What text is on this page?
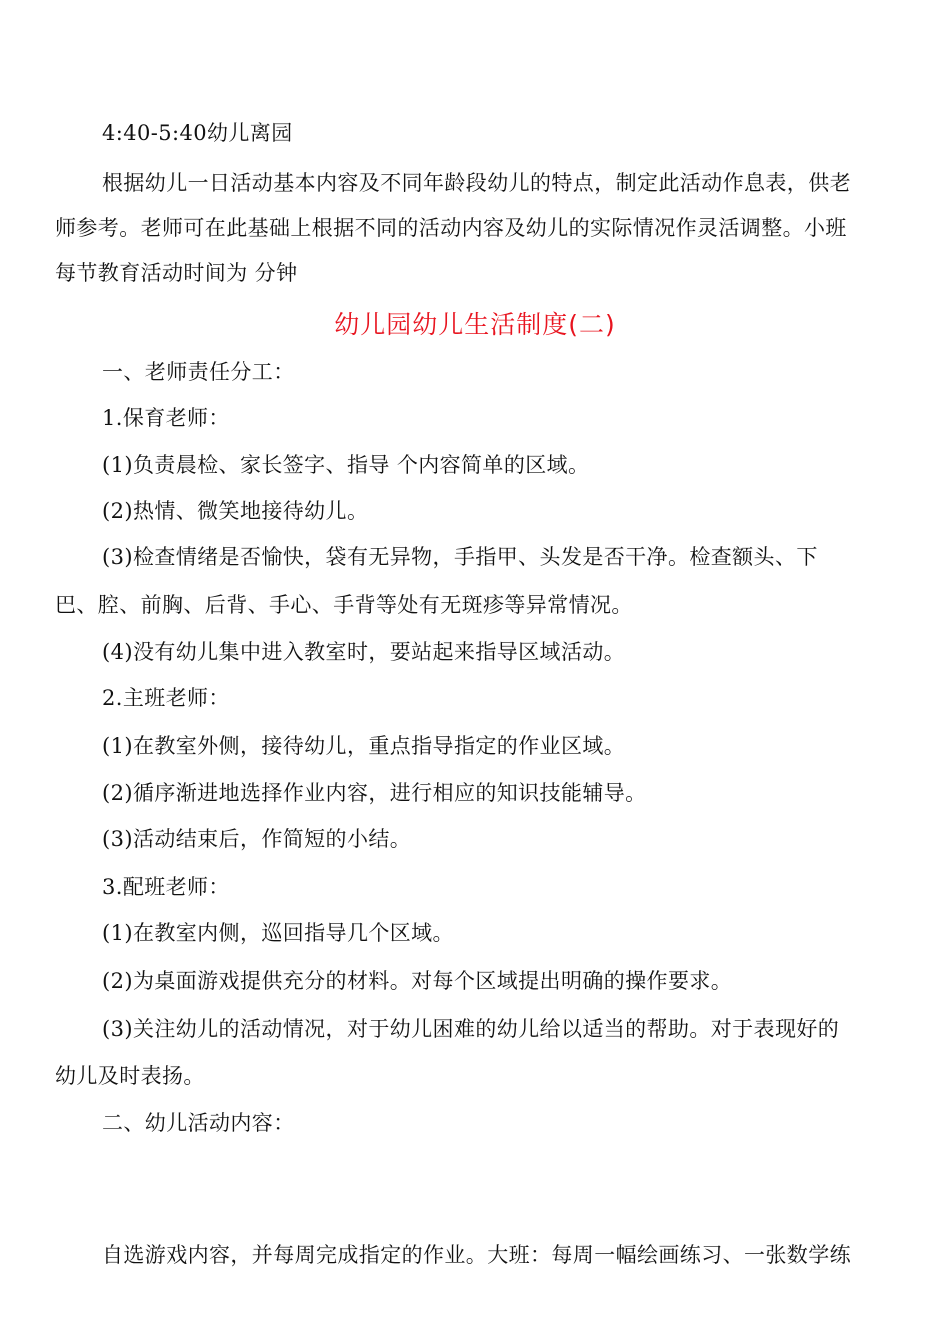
4:40-5:40幼儿离园
根据幼儿一日活动基本内容及不同年龄段幼儿的特点，制定此活动作息表，供老
师参考。老师可在此基础上根据不同的活动内容及幼儿的实际情况作灵活调整。小班
每节教育活动时间为 分钟
幼儿园幼儿生活制度(二)
一、老师责任分工：
1.保育老师：
(1)负责晨检、家长签字、指导 个内容简单的区域。
(2)热情、微笑地接待幼儿。
(3)检查情绪是否愉快，袋有无异物，手指甲、头发是否干净。检查额头、下
巴、腔、前胸、后背、手心、手背等处有无斑疹等异常情况。
(4)没有幼儿集中进入教室时，要站起来指导区域活动。
2.主班老师：
(1)在教室外侧，接待幼儿，重点指导指定的作业区域。
(2)循序渐进地选择作业内容，进行相应的知识技能辅导。
(3)活动结束后，作简短的小结。
3.配班老师：
(1)在教室内侧，巡回指导几个区域。
(2)为桌面游戏提供充分的材料。对每个区域提出明确的操作要求。
(3)关注幼儿的活动情况，对于幼儿困难的幼儿给以适当的帮助。对于表现好的
幼儿及时表扬。
二、幼儿活动内容：
自选游戏内容，并每周完成指定的作业。大班：每周一幅绘画练习、一张数学练
